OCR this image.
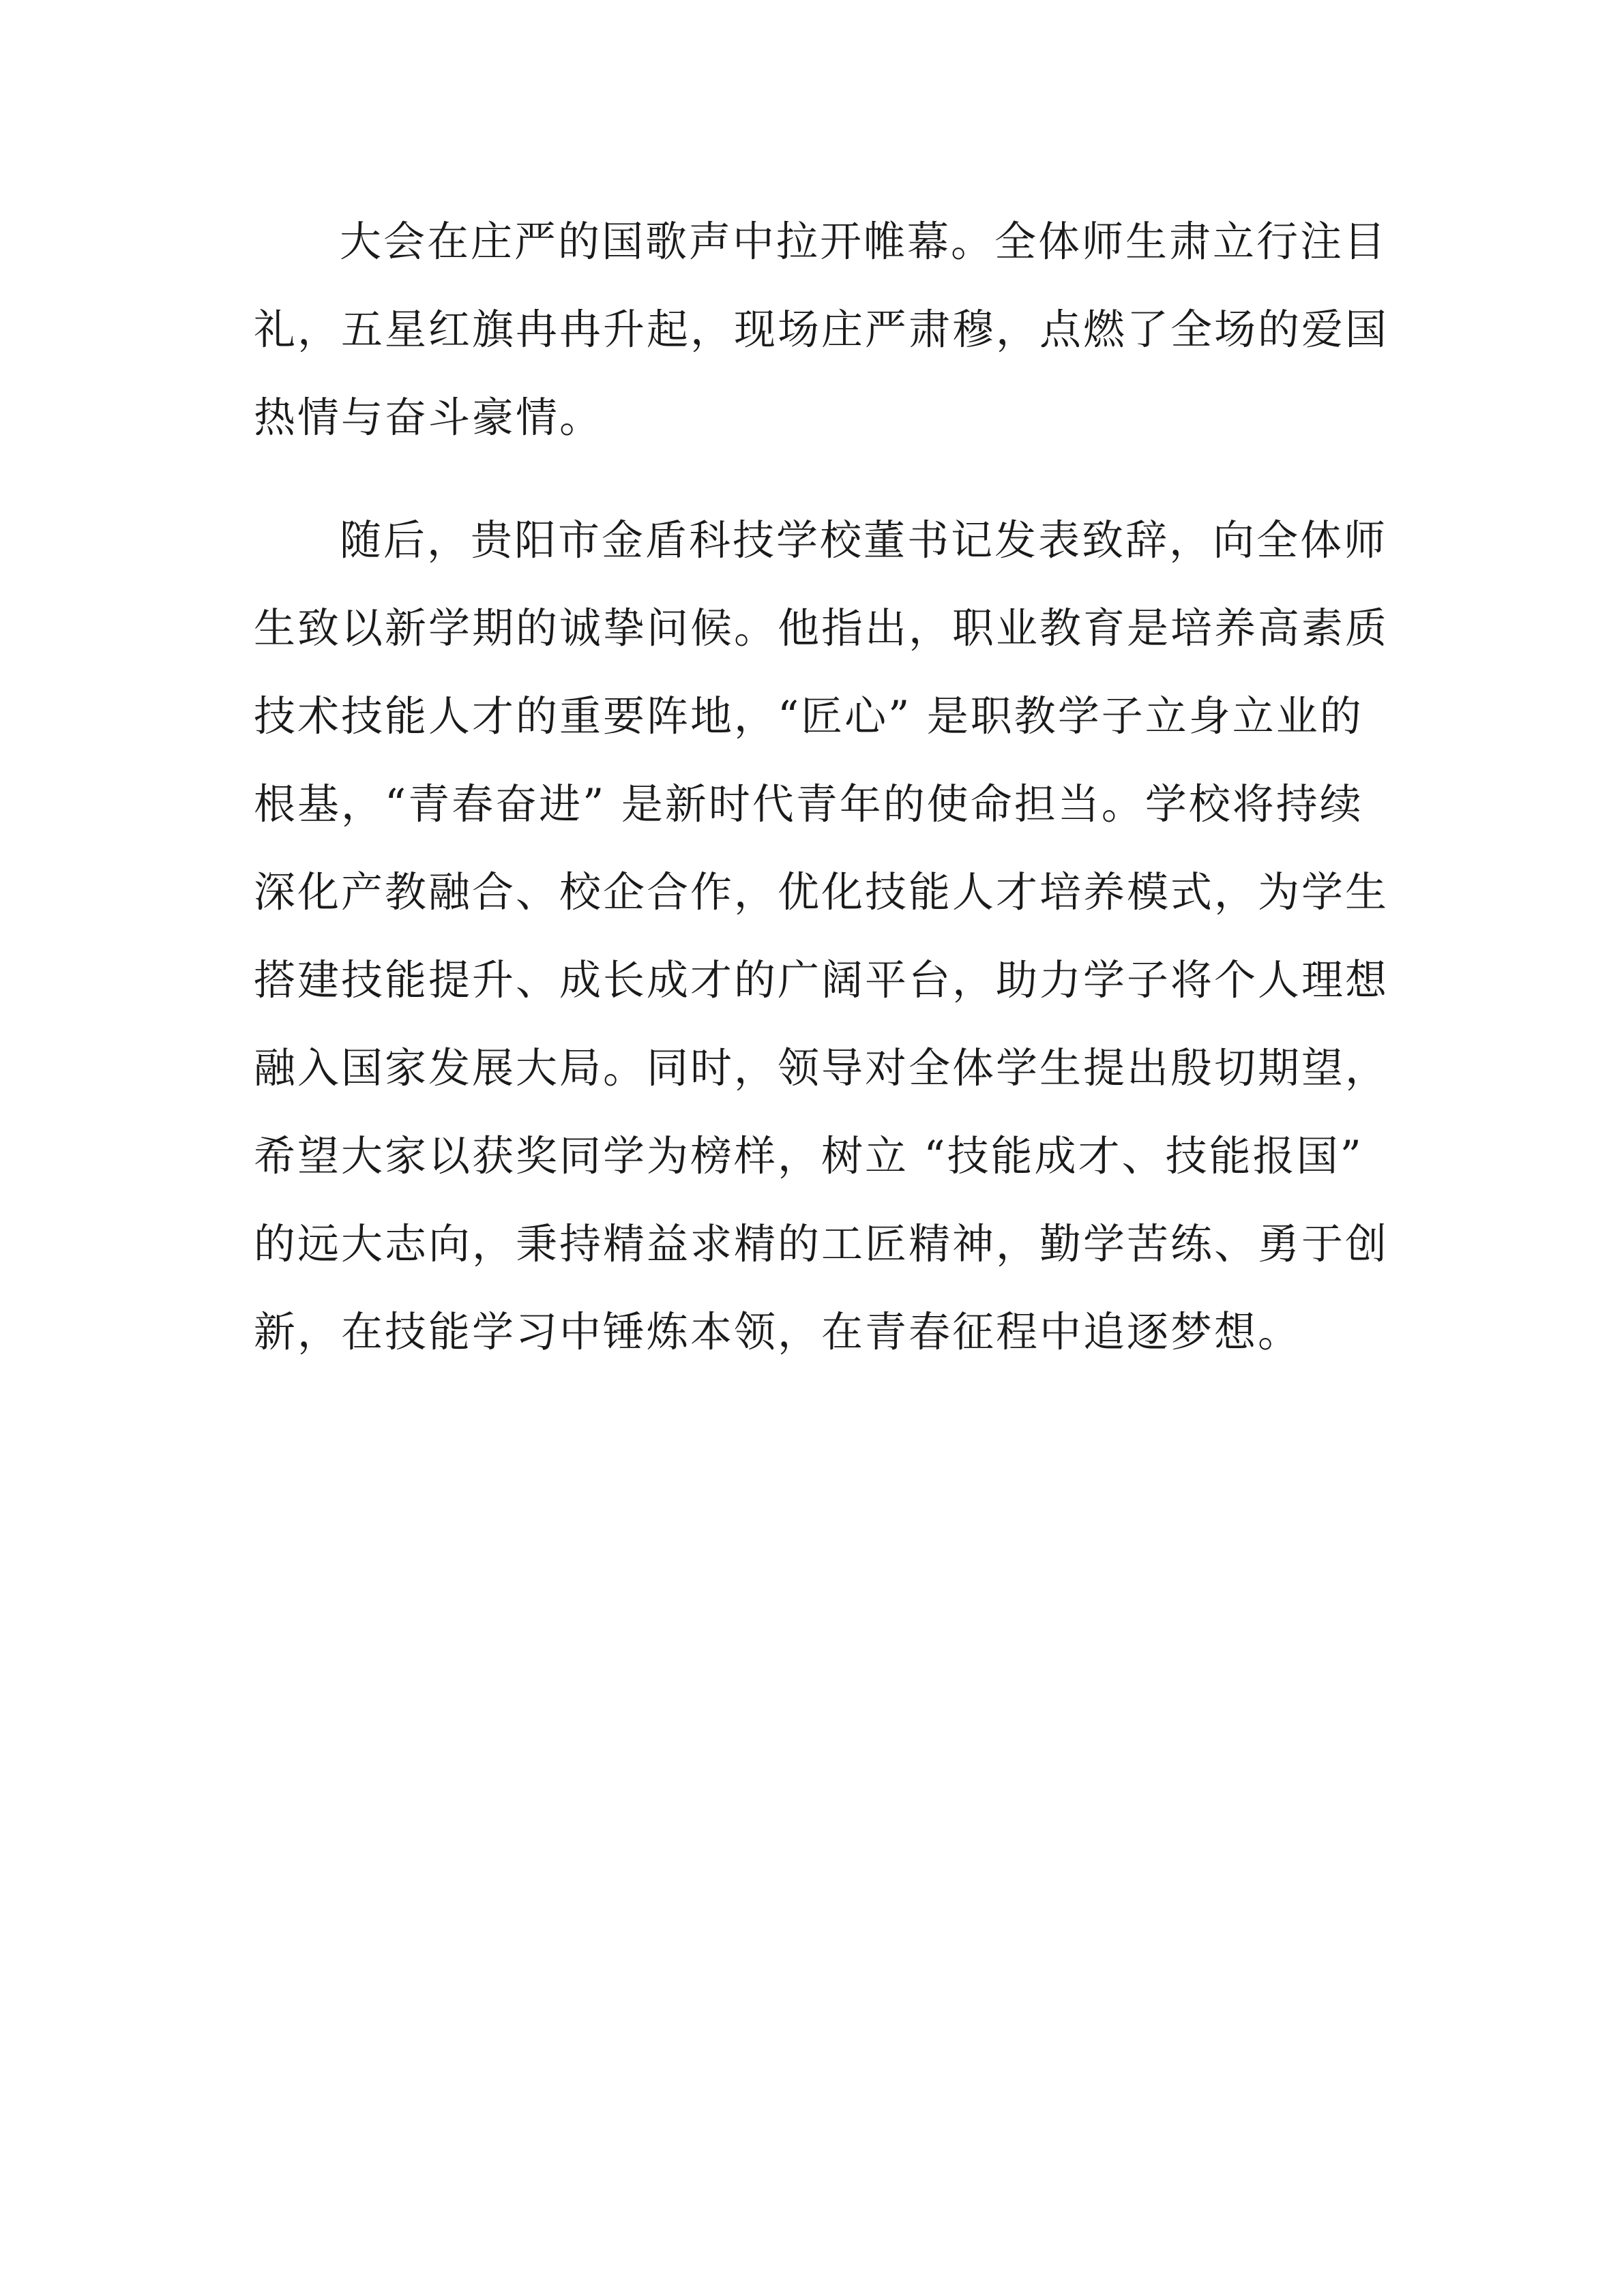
大会在庄严的国歌声中拉开帷幕。全体师生肃立行注目
礼，五星红旗冉冉升起，现场庄严肃穆，点燃了全场的爱国
热情与奋斗豪情。

随后，贵阳市金盾科技学校董书记发表致辞，向全体师
生致以新学期的诚挚问候。他指出，职业教育是培养高素质
技术技能人才的重要阵地，“匠心” 是职教学子立身立业的
根基，“青春奋进” 是新时代青年的使命担当。学校将持续
深化产教融合、校企合作，优化技能人才培养模式，为学生
搭建技能提升、成长成才的广阔平台，助力学子将个人理想
融入国家发展大局。同时，领导对全体学生提出殷切期望，
希望大家以获奖同学为榜样，树立 “技能成才、技能报国”
的远大志向，秉持精益求精的工匠精神，勤学苦练、勇于创
新，在技能学习中锤炼本领，在青春征程中追逐梦想。
